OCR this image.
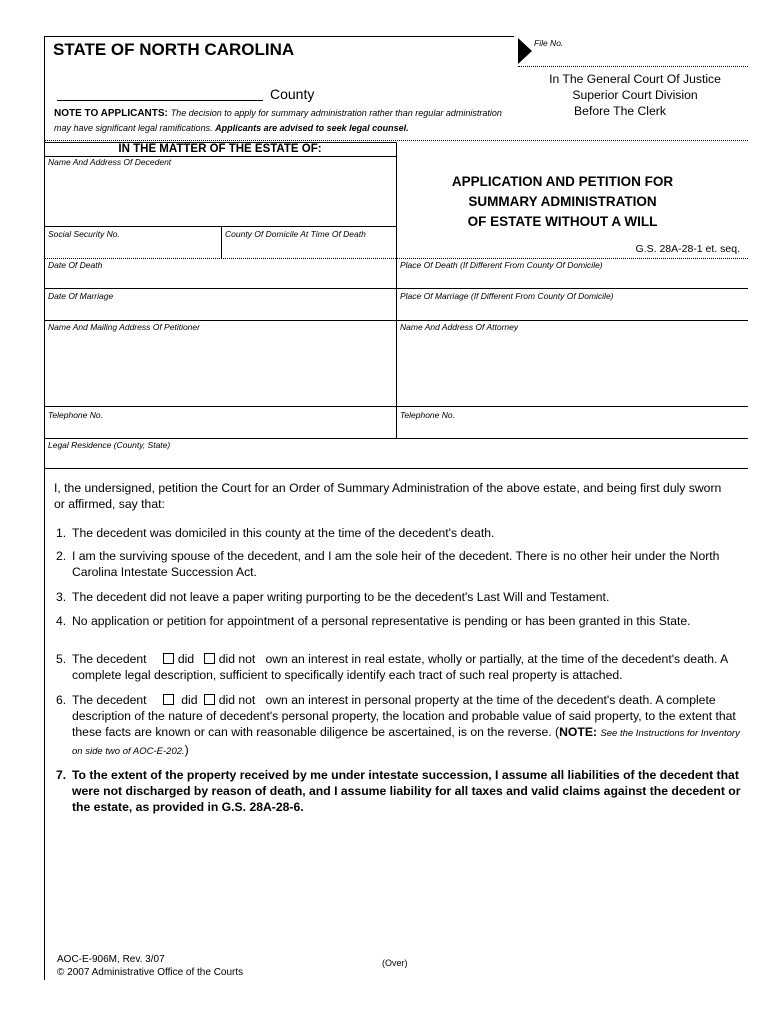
STATE OF NORTH CAROLINA	File No.
County
In The General Court Of Justice
Superior Court Division
Before The Clerk
NOTE TO APPLICANTS: The decision to apply for summary administration rather than regular administration
may have significant legal ramifications. Applicants are advised to seek legal counsel.
IN THE MATTER OF THE ESTATE OF:
Name And Address Of Decedent
APPLICATION AND PETITION FOR
SUMMARY ADMINISTRATION
OF ESTATE WITHOUT A WILL
G.S. 28A-28-1 et. seq.
Social Security No.	County Of Domicile At Time Of Death
Date Of Death	Place Of Death (If Different From County Of Domicile)
Date Of Marriage	Place Of Marriage (If Different From County Of Domicile)
Name And Mailing Address Of Petitioner	Name And Address Of Attorney
Telephone No.	Telephone No.
Legal Residence (County, State)
I, the undersigned, petition the Court for an Order of Summary Administration of the above estate, and being first duly sworn or affirmed, say that:
1. The decedent was domiciled in this county at the time of the decedent's death.
2. I am the surviving spouse of the decedent, and I am the sole heir of the decedent. There is no other heir under the North Carolina Intestate Succession Act.
3. The decedent did not leave a paper writing purporting to be the decedent's Last Will and Testament.
4. No application or petition for appointment of a personal representative is pending or has been granted in this State.
5. The decedent	did did not own an interest in real estate, wholly or partially, at the time of the decedent's death. A complete legal description, sufficient to specifically identify each tract of such real property is attached.
6. The decedent	did did not own an interest in personal property at the time of the decedent's death. A complete description of the nature of decedent's personal property, the location and probable value of said property, to the extent that these facts are known or can with reasonable diligence be ascertained, is on the reverse. (NOTE: See the Instructions for Inventory on side two of AOC-E-202.)
7. To the extent of the property received by me under intestate succession, I assume all liabilities of the decedent that were not discharged by reason of death, and I assume liability for all taxes and valid claims against the decedent or the estate, as provided in G.S. 28A-28-6.
AOC-E-906M, Rev. 3/07
© 2007 Administrative Office of the Courts
(Over)
